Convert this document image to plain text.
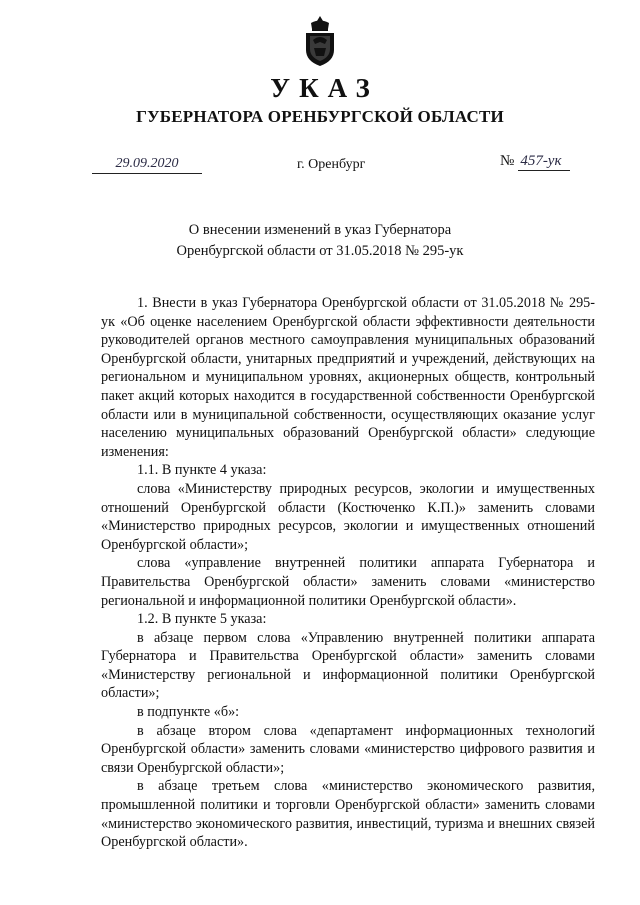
УКАЗ
ГУБЕРНАТОРА ОРЕНБУРГСКОЙ ОБЛАСТИ
29.09.2020	г. Оренбург	№ 457-ук
О внесении изменений в указ Губернатора
Оренбургской области от 31.05.2018 № 295-ук

1. Внести в указ Губернатора Оренбургской области от 31.05.2018 № 295-ук «Об оценке населением Оренбургской области эффективности деятельности руководителей органов местного самоуправления муниципальных образований Оренбургской области, унитарных предприятий и учреждений, действующих на региональном и муниципальном уровнях, акционерных обществ, контрольный пакет акций которых находится в государственной собственности Оренбургской области или в муниципальной собственности, осуществляющих оказание услуг населению муниципальных образований Оренбургской области» следующие изменения:

1.1. В пункте 4 указа:

слова «Министерству природных ресурсов, экологии и имущественных отношений Оренбургской области (Костюченко К.П.)» заменить словами «Министерство природных ресурсов, экологии и имущественных отношений Оренбургской области»;

слова «управление внутренней политики аппарата Губернатора и Правительства Оренбургской области» заменить словами «министерство региональной и информационной политики Оренбургской области».

1.2. В пункте 5 указа:

в абзаце первом слова «Управлению внутренней политики аппарата Губернатора и Правительства Оренбургской области» заменить словами «Министерству региональной и информационной политики Оренбургской области»;

в подпункте «б»:

в абзаце втором слова «департамент информационных технологий Оренбургской области» заменить словами «министерство цифрового развития и связи Оренбургской области»;

в абзаце третьем слова «министерство экономического развития, промышленной политики и торговли Оренбургской области» заменить словами «министерство экономического развития, инвестиций, туризма и внешних связей Оренбургской области».
